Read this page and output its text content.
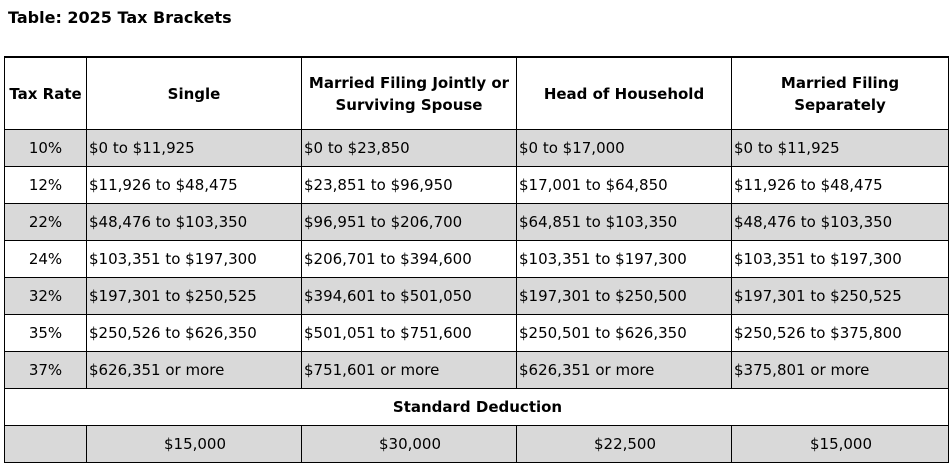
Table: 2025 Tax Brackets
Tax Rate	Single	Married Filing Jointly or Surviving Spouse	Head of Household	Married Filing Separately
10%	$0 to $11,925	$0 to $23,850	$0 to $17,000	$0 to $11,925
12%	$11,926 to $48,475	$23,851 to $96,950	$17,001 to $64,850	$11,926 to $48,475
22%	$48,476 to $103,350	$96,951 to $206,700	$64,851 to $103,350	$48,476 to $103,350
24%	$103,351 to $197,300	$206,701 to $394,600	$103,351 to $197,300	$103,351 to $197,300
32%	$197,301 to $250,525	$394,601 to $501,050	$197,301 to $250,500	$197,301 to $250,525
35%	$250,526 to $626,350	$501,051 to $751,600	$250,501 to $626,350	$250,526 to $375,800
37%	$626,351 or more	$751,601 or more	$626,351 or more	$375,801 or more
Standard Deduction				
	$15,000	$30,000	$22,500	$15,000
